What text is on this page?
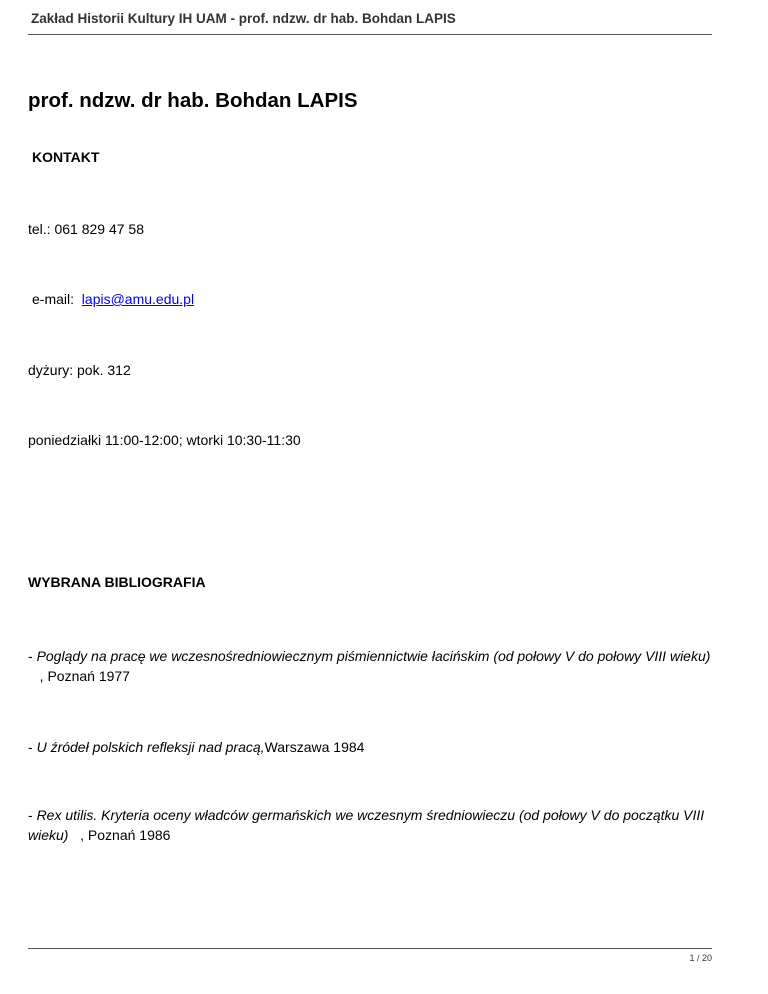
Zakład Historii Kultury IH UAM - prof. ndzw. dr hab. Bohdan LAPIS
prof. ndzw. dr hab. Bohdan LAPIS
KONTAKT
tel.: 061 829 47 58
e-mail: lapis@amu.edu.pl
dyżury: pok. 312
poniedziałki 11:00-12:00; wtorki 10:30-11:30
WYBRANA BIBLIOGRAFIA
- Poglądy na pracę we wczesnośredniowiecznym piśmiennictwie łacińskim (od połowy V do połowy VIII wieku)   , Poznań 1977
- U źródeł polskich refleksji nad pracą,Warszawa 1984
- Rex utilis. Kryteria oceny władców germańskich we wczesnym średniowieczu (od połowy V do początku VIII wieku)   , Poznań 1986
1 / 20
